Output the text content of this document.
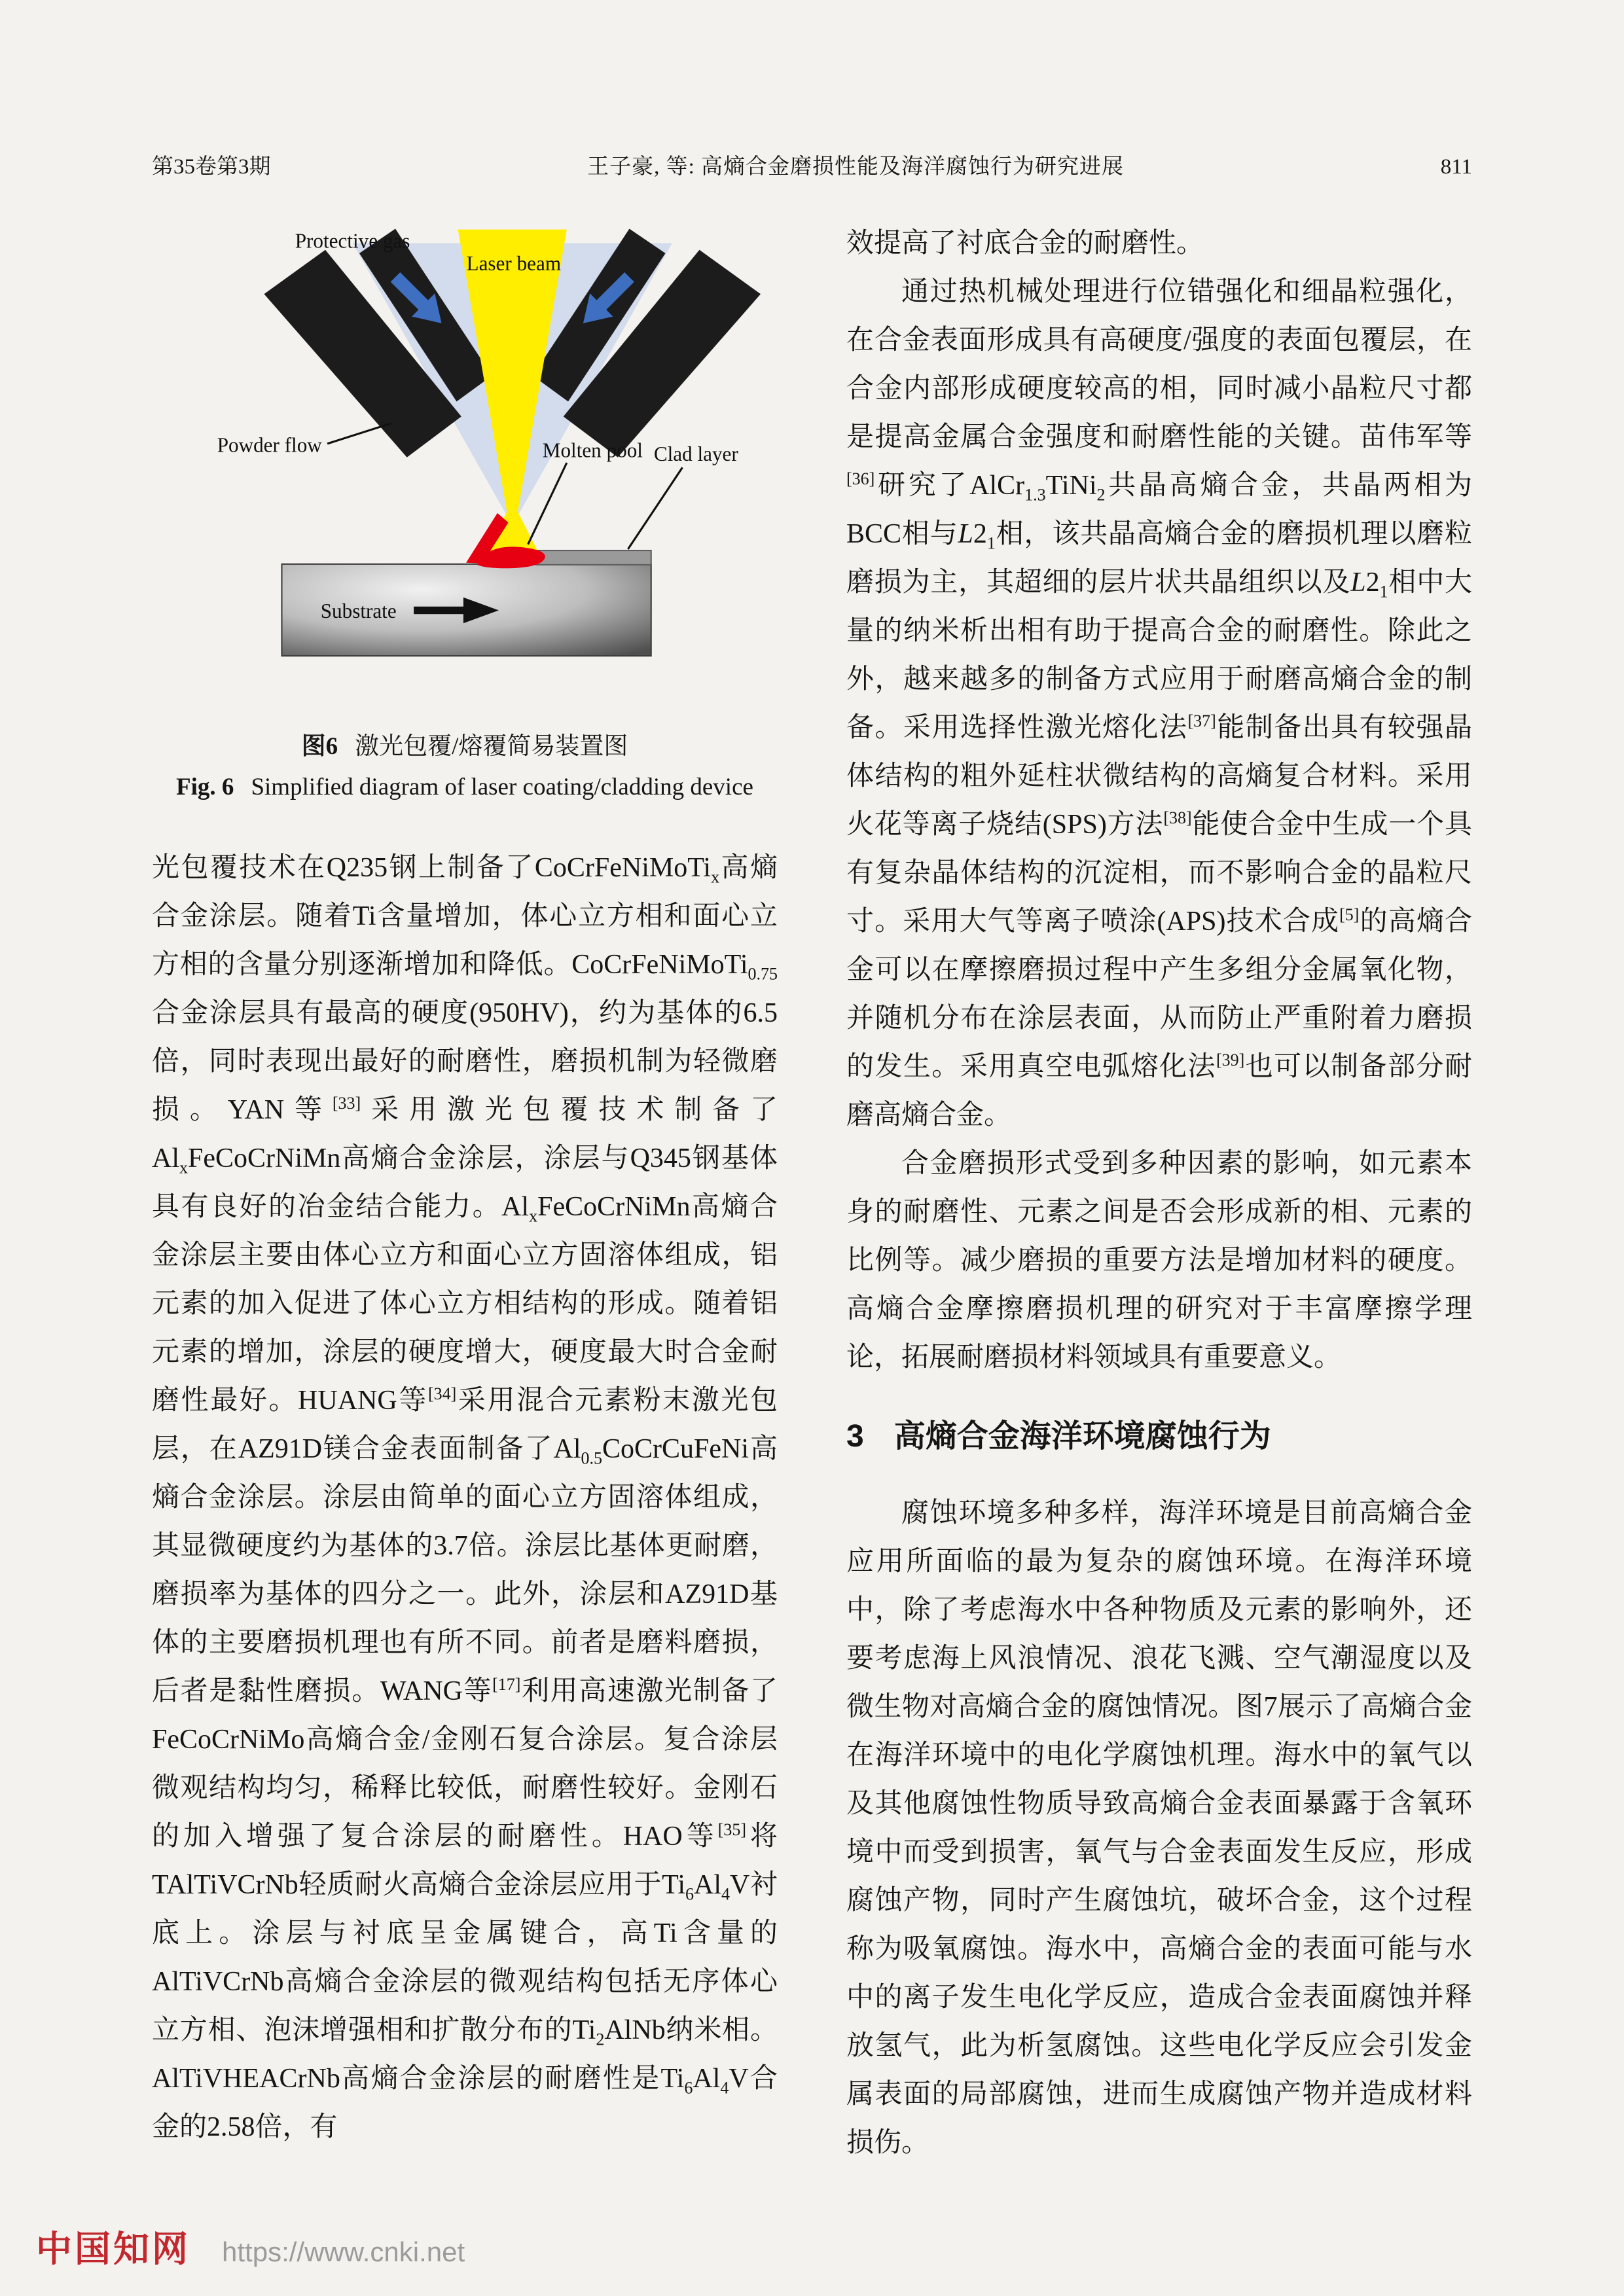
第35卷第3期	王子豪, 等: 高熵合金磨损性能及海洋腐蚀行为研究进展	811
Protective gas
Laser beam
Powder flow	Molten pool Clad layer
Substrate
图6 激光包覆/熔覆简易装置图
Fig. 6 Simplified diagram of laser coating/cladding device

光包覆技术在Q235钢上制备了CoCrFeNiMoTi$_x$高熵合金涂层。随着Ti含量增加，体心立方相和面心立方相的含量分别逐渐增加和降低。CoCrFeNiMoTi$_{0.75}$合金涂层具有最高的硬度(950HV)，约为基体的6.5倍，同时表现出最好的耐磨性，磨损机制为轻微磨损。YAN等[33]采用激光包覆技术制备了$Al_xFeCoCrNiMn$高熵合金涂层，涂层与Q345钢基体具有良好的冶金结合能力。$Al_xFeCoCrNiMn$高熵合金涂层主要由体心立方和面心立方固溶体组成，铝元素的加入促进了体心立方相结构的形成。随着铝元素的增加，涂层的硬度增大，硬度最大时合金耐磨性最好。HUANG等[34]采用混合元素粉末激光包层，在AZ91D镁合金表面制备了$Al_{0.5}CoCrCuFeNi$高熵合金涂层。涂层由简单的面心立方固溶体组成，其显微硬度约为基体的3.7倍。涂层比基体更耐磨，磨损率为基体的四分之一。此外，涂层和AZ91D基体的主要磨损机理也有所不同。前者是磨料磨损，后者是黏性磨损。WANG等[17]利用高速激光制备了FeCoCrNiMo高熵合金/金刚石复合涂层。复合涂层微观结构均匀，稀释比较低，耐磨性较好。金刚石的加入增强了复合涂层的耐磨性。HAO等[35]将TAlTiVCrNb轻质耐火高熵合金涂层应用于$Ti_6Al_4V$衬底上。涂层与衬底呈金属键合，高Ti含量的AlTiVCrNb高熵合金涂层的微观结构包括无序体心立方相、泡沫增强相和扩散分布的$Ti_2AlNb$纳米相。AlTiVHEACrNb高熵合金涂层的耐磨性是$Ti_6Al_4V$合金的2.58倍，有

效提高了衬底合金的耐磨性。

通过热机械处理进行位错强化和细晶粒强化，在合金表面形成具有高硬度/强度的表面包覆层，在合金内部形成硬度较高的相，同时减小晶粒尺寸都是提高金属合金强度和耐磨性能的关键。苗伟军等[36]研究了AlCr$_{1.3}$TiNi$_2$共晶高熵合金，共晶两相为BCC相与$L2_1$相，该共晶高熵合金的磨损机理以磨粒磨损为主，其超细的层片状共晶组织以及$L2_1$相中大量的纳米析出相有助于提高合金的耐磨性。除此之外，越来越多的制备方式应用于耐磨高熵合金的制备。采用选择性激光熔化法[37]能制备出具有较强晶体结构的粗外延柱状微结构的高熵复合材料。采用火花等离子烧结(SPS)方法[38]能使合金中生成一个具有复杂晶体结构的沉淀相，而不影响合金的晶粒尺寸。采用大气等离子喷涂(APS)技术合成[5]的高熵合金可以在摩擦磨损过程中产生多组分金属氧化物，并随机分布在涂层表面，从而防止严重附着力磨损的发生。采用真空电弧熔化法[39]也可以制备部分耐磨高熵合金。

合金磨损形式受到多种因素的影响，如元素本身的耐磨性、元素之间是否会形成新的相、元素的比例等。减少磨损的重要方法是增加材料的硬度。高熵合金摩擦磨损机理的研究对于丰富摩擦学理论，拓展耐磨损材料领域具有重要意义。

3 高熵合金海洋环境腐蚀行为

腐蚀环境多种多样，海洋环境是目前高熵合金应用所面临的最为复杂的腐蚀环境。在海洋环境中，除了考虑海水中各种物质及元素的影响外，还要考虑海上风浪情况、浪花飞溅、空气潮湿度以及微生物对高熵合金的腐蚀情况。图7展示了高熵合金在海洋环境中的电化学腐蚀机理。海水中的氧气以及其他腐蚀性物质导致高熵合金表面暴露于含氧环境中而受到损害，氧气与合金表面发生反应，形成腐蚀产物，同时产生腐蚀坑，破坏合金，这个过程称为吸氧腐蚀。海水中，高熵合金的表面可能与水中的离子发生电化学反应，造成合金表面腐蚀并释放氢气，此为析氢腐蚀。这些电化学反应会引发金属表面的局部腐蚀，进而生成腐蚀产物并造成材料损伤。

中国知网 https://www.cnki.net
